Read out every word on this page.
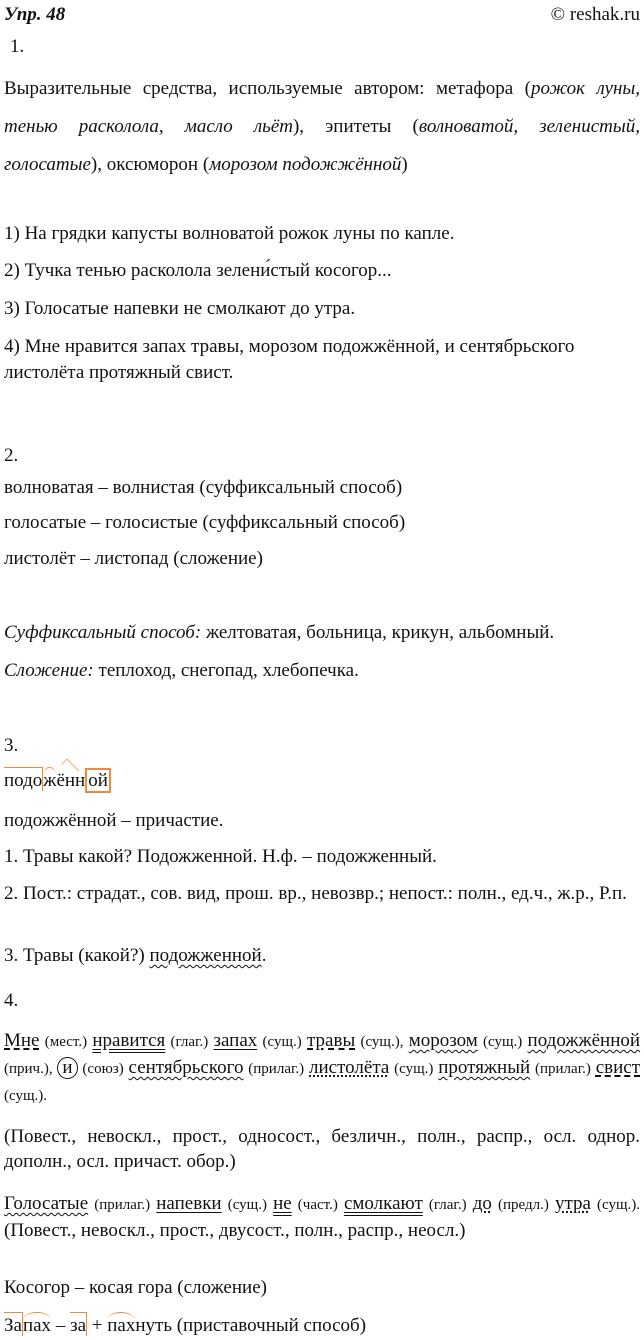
Упр. 48	© reshak.ru
1.
Выразительные средства, используемые автором: метафора (рожок луны, тенью расколола, масло льёт), эпитеты (волноватой, зеленистый, голосатые), оксюморон (морозом подожжённой)
1) На грядки капусты волноватой рожок луны по капле.
2) Тучка тенью расколола зелени́стый косогор...
3) Голосатые напевки не смолкают до утра.
4) Мне нравится запах травы, морозом подожжённой, и сентябрьского листолёта протяжный свист.
2.
волноватая – волнистая (суффиксальный способ)
голосатые – голосистые (суффиксальный способ)
листолёт – листопад (сложение)
Суффиксальный способ: желтоватая, больница, крикун, альбомный.
Сложение: теплоход, снегопад, хлебопечка.
3.
подожённ ой
подожжённой – причастие.
1. Травы какой? Подожженной. Н.ф. – подожженный.
2. Пост.: страдат., сов. вид, прош. вр., невозвр.; непост.: полн., ед.ч., ж.р., Р.п.
3. Травы (какой?) подожженной.
4.
Мне (мест.) нравится (глаг.) запах (сущ.) травы (сущ.), морозом (сущ.) подожжённой (прич.), и (союз) сентябрьского (прилаг.) листолёта (сущ.) протяжный (прилаг.) свист (сущ.).
(Повест., невоскл., прост., односост., безличн., полн., распр., осл. однор. дополн., осл. причаст. обор.)
Голосатые (прилаг.) напевки (сущ.) не (част.) смолкают (глаг.) до (предл.) утра (сущ.). (Повест., невоскл., прост., двусост., полн., распр., неосл.)
Косогор – косая гора (сложение)
Запах – за + пахнуть (приставочный способ)
